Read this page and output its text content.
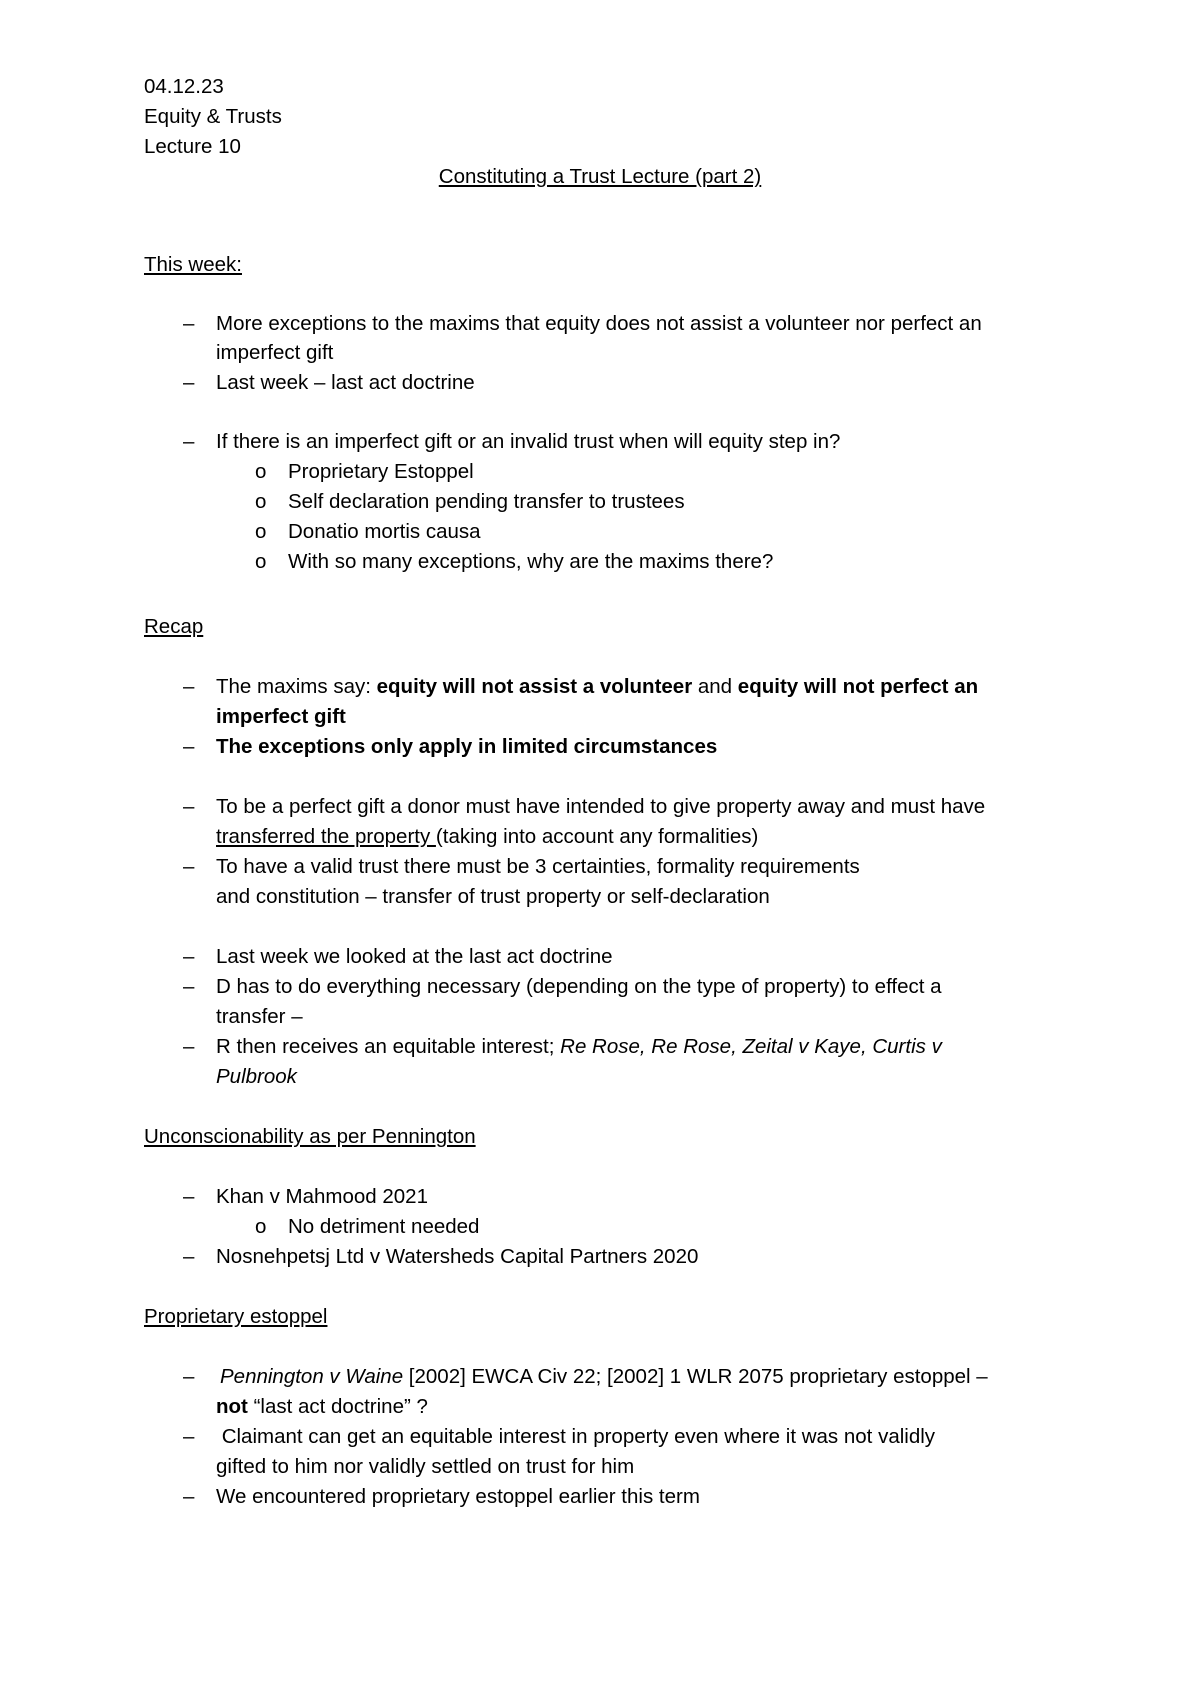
04.12.23
Equity & Trusts
Lecture 10
Constituting a Trust Lecture (part 2)
This week:
– More exceptions to the maxims that equity does not assist a volunteer nor perfect an
imperfect gift
– Last week – last act doctrine
– If there is an imperfect gift or an invalid trust when will equity step in?
o Proprietary Estoppel
o Self declaration pending transfer to trustees
o Donatio mortis causa
o With so many exceptions, why are the maxims there?
Recap
– The maxims say: equity will not assist a volunteer and equity will not perfect an
imperfect gift
– The exceptions only apply in limited circumstances
– To be a perfect gift a donor must have intended to give property away and must have
transferred the property (taking into account any formalities)
– To have a valid trust there must be 3 certainties, formality requirements
and constitution – transfer of trust property or self-declaration
– Last week we looked at the last act doctrine
– D has to do everything necessary (depending on the type of property) to effect a
transfer –
– R then receives an equitable interest; Re Rose, Re Rose, Zeital v Kaye, Curtis v
Pulbrook
Unconscionability as per Pennington
– Khan v Mahmood 2021
o No detriment needed
– Nosnehpetsj Ltd v Watersheds Capital Partners 2020
Proprietary estoppel
– Pennington v Waine [2002] EWCA Civ 22; [2002] 1 WLR 2075 proprietary estoppel –
not “last act doctrine” ?
– Claimant can get an equitable interest in property even where it was not validly
gifted to him nor validly settled on trust for him
– We encountered proprietary estoppel earlier this term
